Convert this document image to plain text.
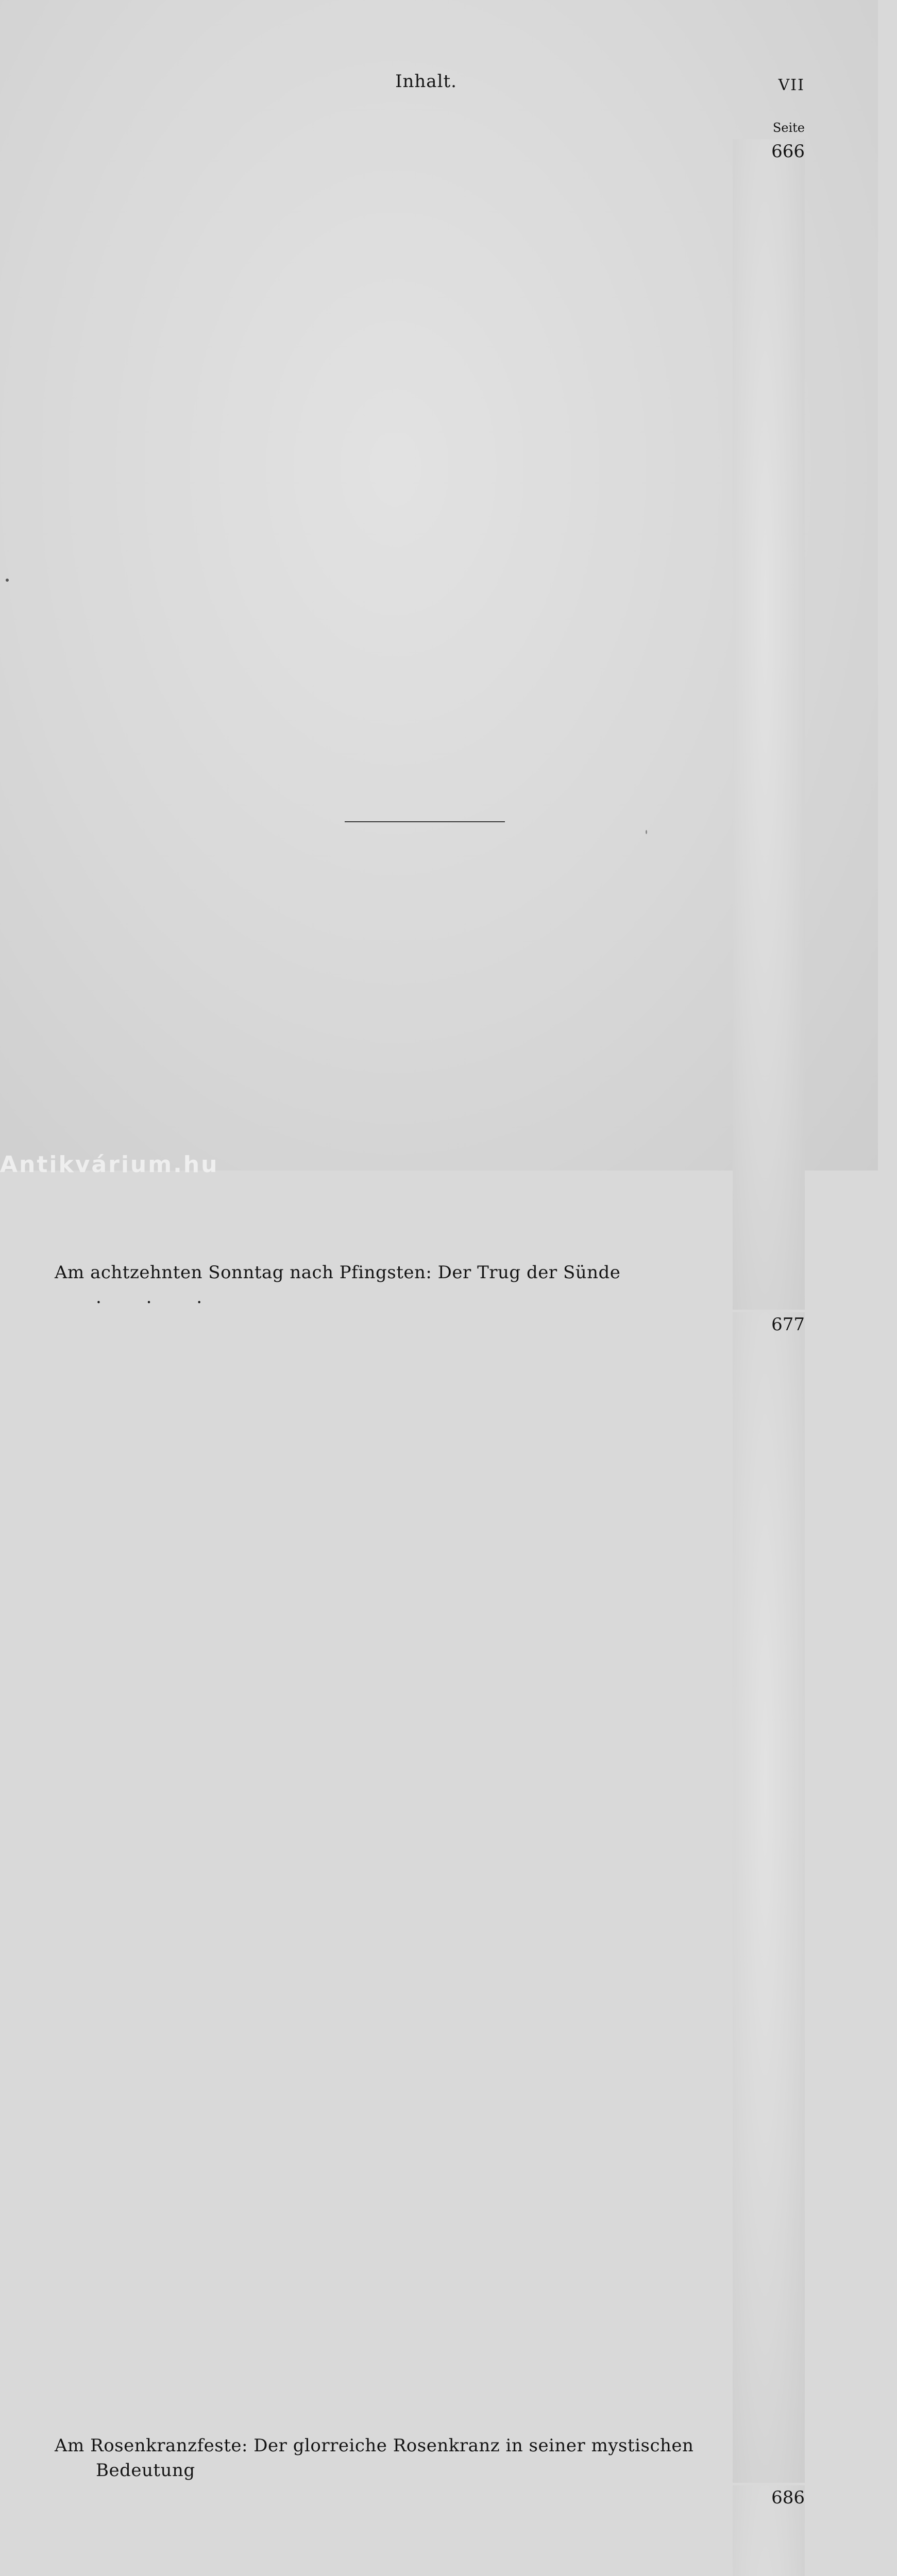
Inhalt.	VII
Seite
Am achtzehnten Sonntag nach Pfingsten: Der Trug der Sünde . . .
666
Am Rosenkranzfeste: Der glorreiche Rosenkranz in seiner mystischen Bedeutung
677
686
Antikvárium.hu
